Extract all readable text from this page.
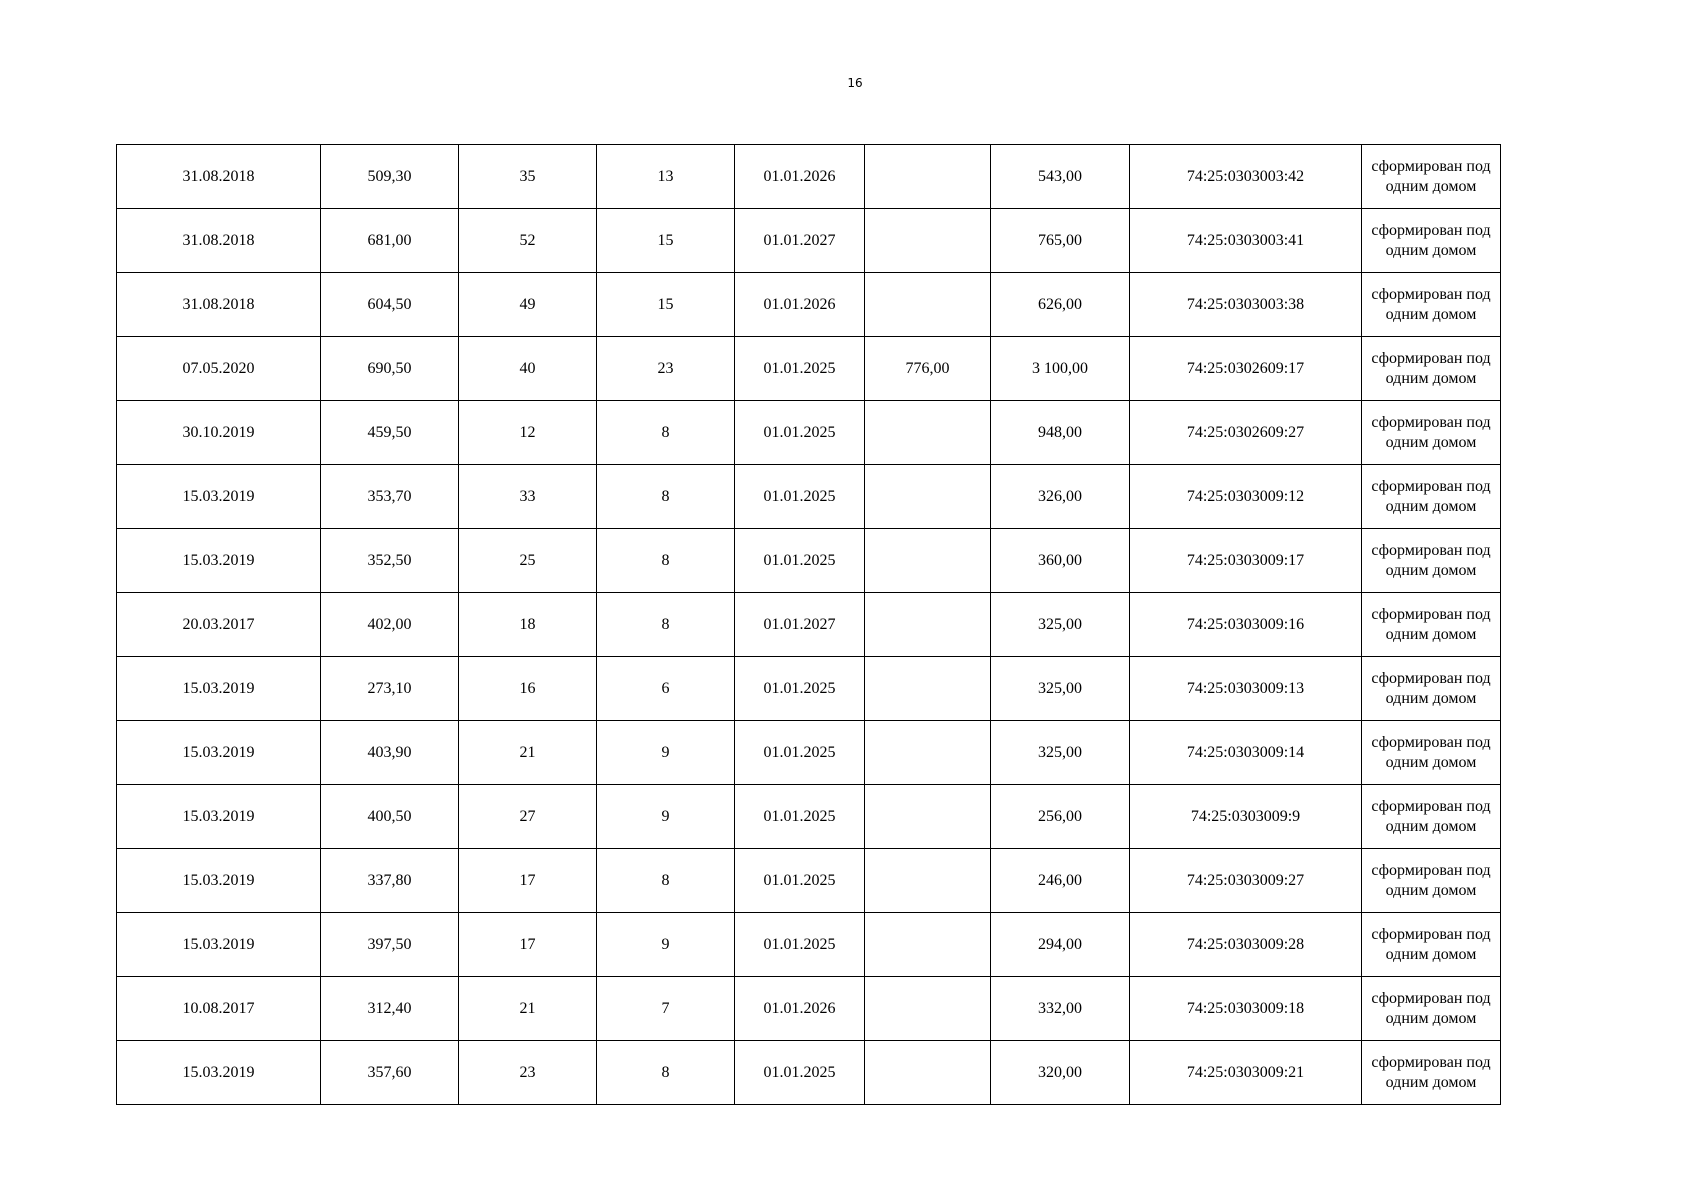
16
31.08.2018	509,30	35	13	01.01.2026		543,00	74:25:0303003:42	сформирован под
одним домом

31.08.2018	681,00	52	15	01.01.2027		765,00	74:25:0303003:41	сформирован под
одним домом

31.08.2018	604,50	49	15	01.01.2026		626,00	74:25:0303003:38	сформирован под
одним домом

07.05.2020	690,50	40	23	01.01.2025	776,00	3 100,00	74:25:0302609:17	сформирован под
одним домом

30.10.2019	459,50	12	8	01.01.2025		948,00	74:25:0302609:27	сформирован под
одним домом

15.03.2019	353,70	33	8	01.01.2025		326,00	74:25:0303009:12	сформирован под
одним домом

15.03.2019	352,50	25	8	01.01.2025		360,00	74:25:0303009:17	сформирован под
одним домом

20.03.2017	402,00	18	8	01.01.2027		325,00	74:25:0303009:16	сформирован под
одним домом

15.03.2019	273,10	16	6	01.01.2025		325,00	74:25:0303009:13	сформирован под
одним домом

15.03.2019	403,90	21	9	01.01.2025		325,00	74:25:0303009:14	сформирован под
одним домом

15.03.2019	400,50	27	9	01.01.2025		256,00	74:25:0303009:9	сформирован под
одним домом

15.03.2019	337,80	17	8	01.01.2025		246,00	74:25:0303009:27	сформирован под
одним домом

15.03.2019	397,50	17	9	01.01.2025		294,00	74:25:0303009:28	сформирован под
одним домом

10.08.2017	312,40	21	7	01.01.2026		332,00	74:25:0303009:18	сформирован под
одним домом

15.03.2019	357,60	23	8	01.01.2025		320,00	74:25:0303009:21	сформирован под
одним домом
